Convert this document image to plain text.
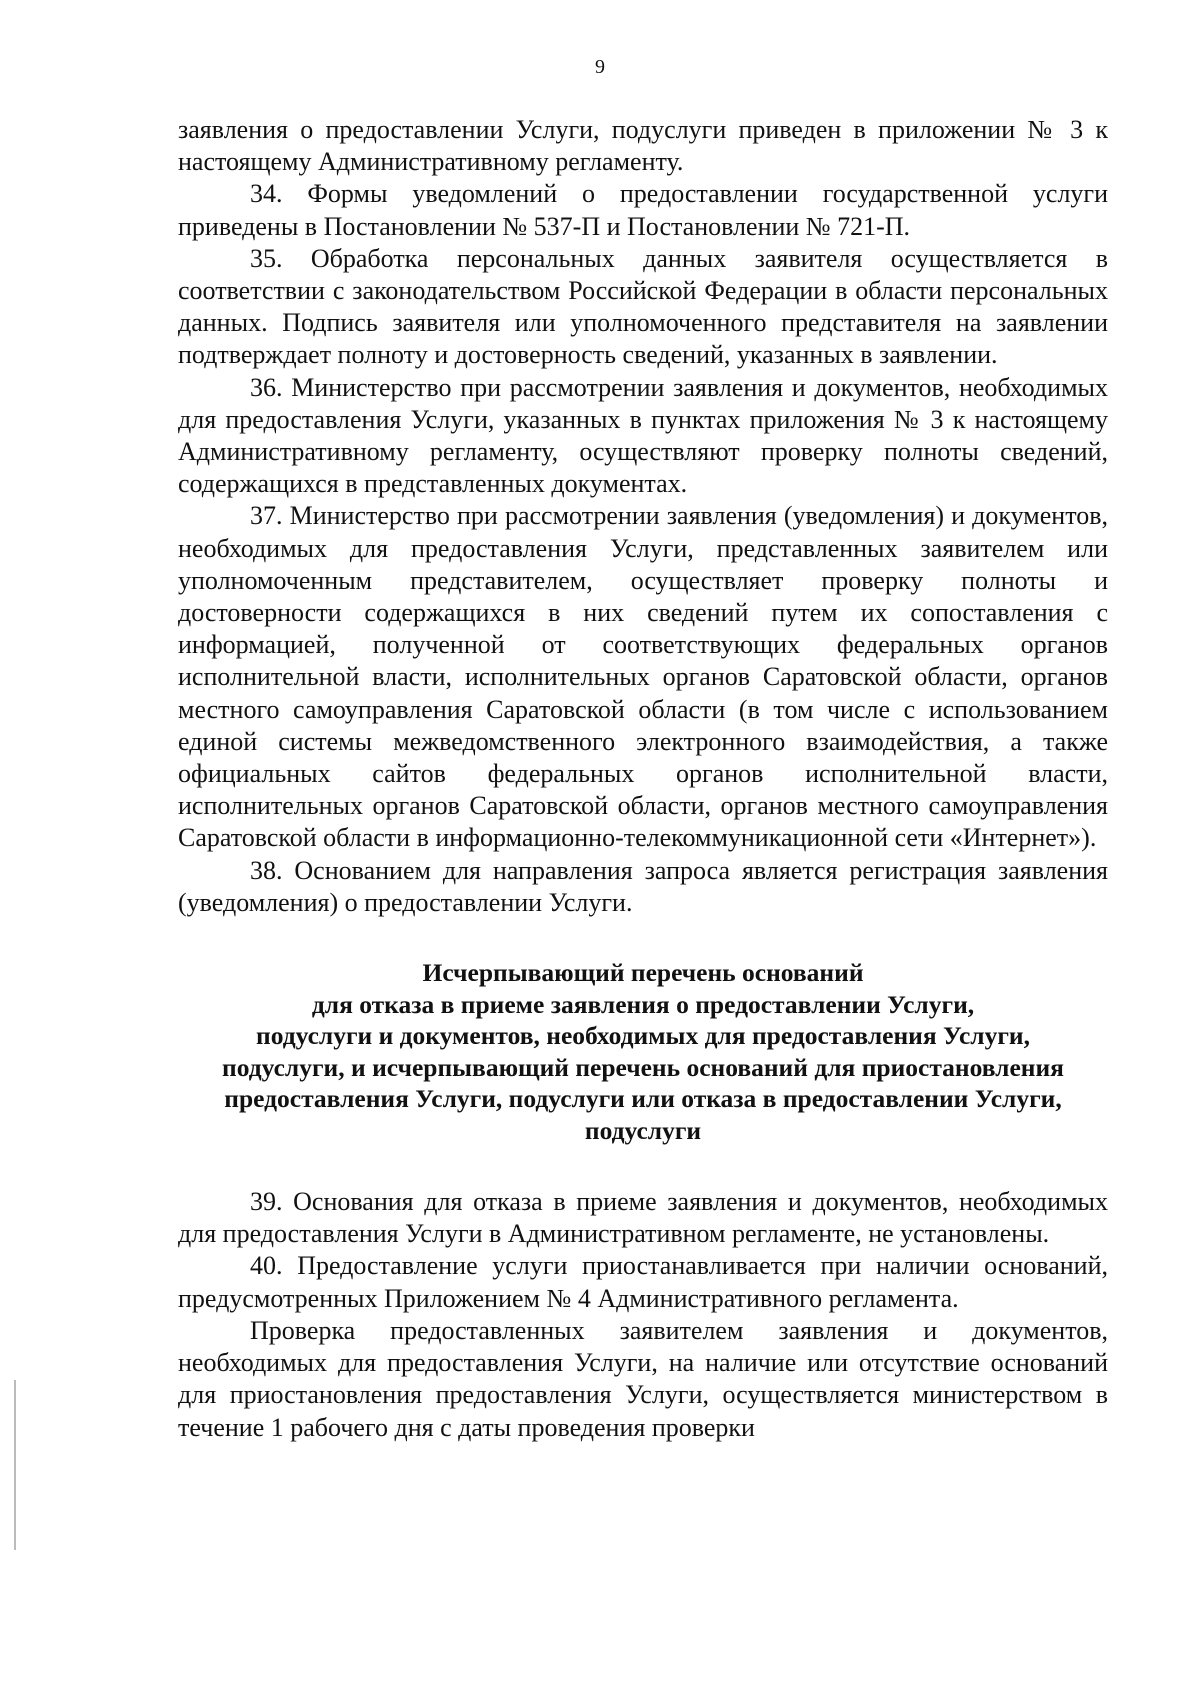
9

заявления о предоставлении Услуги, подуслуги приведен в приложении № 3 к настоящему Административному регламенту.

34. Формы уведомлений о предоставлении государственной услуги приведены в Постановлении № 537-П и Постановлении № 721-П.

35. Обработка персональных данных заявителя осуществляется в соответствии с законодательством Российской Федерации в области персональных данных. Подпись заявителя или уполномоченного представителя на заявлении подтверждает полноту и достоверность сведений, указанных в заявлении.

36. Министерство при рассмотрении заявления и документов, необходимых для предоставления Услуги, указанных в пунктах приложения № 3 к настоящему Административному регламенту, осуществляют проверку полноты сведений, содержащихся в представленных документах.

37. Министерство при рассмотрении заявления (уведомления) и документов, необходимых для предоставления Услуги, представленных заявителем или уполномоченным представителем, осуществляет проверку полноты и достоверности содержащихся в них сведений путем их сопоставления с информацией, полученной от соответствующих федеральных органов исполнительной власти, исполнительных органов Саратовской области, органов местного самоуправления Саратовской области (в том числе с использованием единой системы межведомственного электронного взаимодействия, а также официальных сайтов федеральных органов исполнительной власти, исполнительных органов Саратовской области, органов местного самоуправления Саратовской области в информационно-телекоммуникационной сети «Интернет»).

38. Основанием для направления запроса является регистрация заявления (уведомления) о предоставлении Услуги.

Исчерпывающий перечень оснований
для отказа в приеме заявления о предоставлении Услуги,
подуслуги и документов, необходимых для предоставления Услуги,
подуслуги, и исчерпывающий перечень оснований для приостановления
предоставления Услуги, подуслуги или отказа в предоставлении Услуги,
подуслуги

39. Основания для отказа в приеме заявления и документов, необходимых для предоставления Услуги в Административном регламенте, не установлены.

40. Предоставление услуги приостанавливается при наличии оснований, предусмотренных Приложением № 4 Административного регламента.

Проверка предоставленных заявителем заявления и документов, необходимых для предоставления Услуги, на наличие или отсутствие оснований для приостановления предоставления Услуги, осуществляется министерством в течение 1 рабочего дня с даты проведения проверки
